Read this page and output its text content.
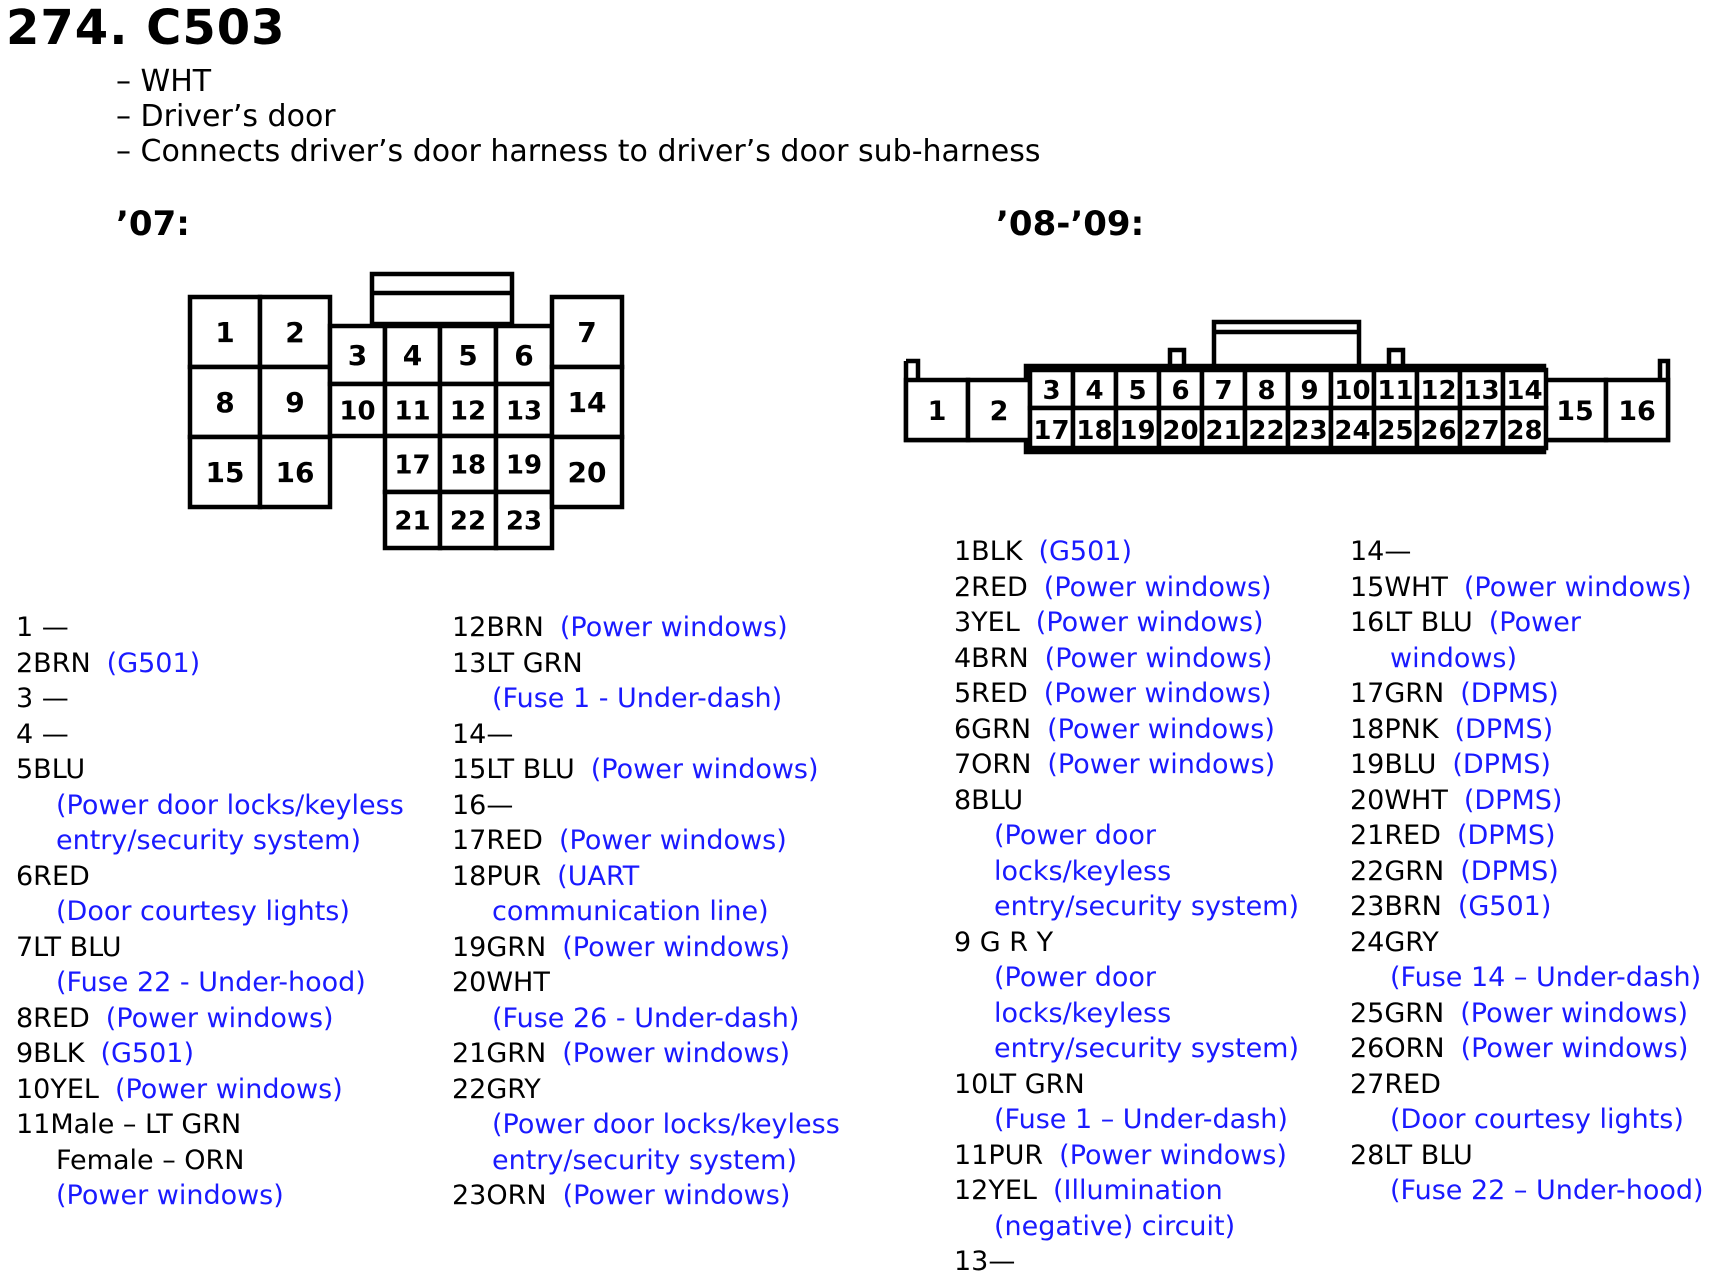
274. C503
– WHT
– Driver’s door
– Connects driver’s door harness to driver’s door sub-harness
’07:	’08-’09:
1 2
8 9
15 16
3 4 5 6
10 11 12 13
17 18 19
21 22 23
7
14
20
1 2	15 16
3
17
4
18
5
19
6
20
7
21
8
22
9
23
10
24
11
25
12
26
13
27
14
28
1 —
2BRN (G501)
3 —
4 —
5BLU
(Power door locks/keyless
entry/security system)
6RED
(Door courtesy lights)
7LT BLU
(Fuse 22 - Under-hood)
8RED (Power windows)
9BLK (G501)
10YEL (Power windows)
11Male – LT GRN
Female – ORN
(Power windows)
12BRN (Power windows)
13LT GRN
(Fuse 1 - Under-dash)
14—
15LT BLU (Power windows)
16—
17RED (Power windows)
18PUR (UART
communication line)
19GRN (Power windows)
20WHT
(Fuse 26 - Under-dash)
21GRN (Power windows)
22GRY
(Power door locks/keyless
entry/security system)
23ORN (Power windows)
1BLK (G501)
2RED (Power windows)
3YEL (Power windows)
4BRN (Power windows)
5RED (Power windows)
6GRN (Power windows)
7ORN (Power windows)
8BLU
(Power door
locks/keyless
entry/security system)
9 G R Y
(Power door
locks/keyless
entry/security system)
10LT GRN
(Fuse 1 – Under-dash)
11PUR (Power windows)
12YEL (Illumination
(negative) circuit)
13—
14—
15WHT (Power windows)
16LT BLU (Power
windows)
17GRN (DPMS)
18PNK (DPMS)
19BLU (DPMS)
20WHT (DPMS)
21RED (DPMS)
22GRN (DPMS)
23BRN (G501)
24GRY
(Fuse 14 – Under-dash)
25GRN (Power windows)
26ORN (Power windows)
27RED
(Door courtesy lights)
28LT BLU
(Fuse 22 – Under-hood)
